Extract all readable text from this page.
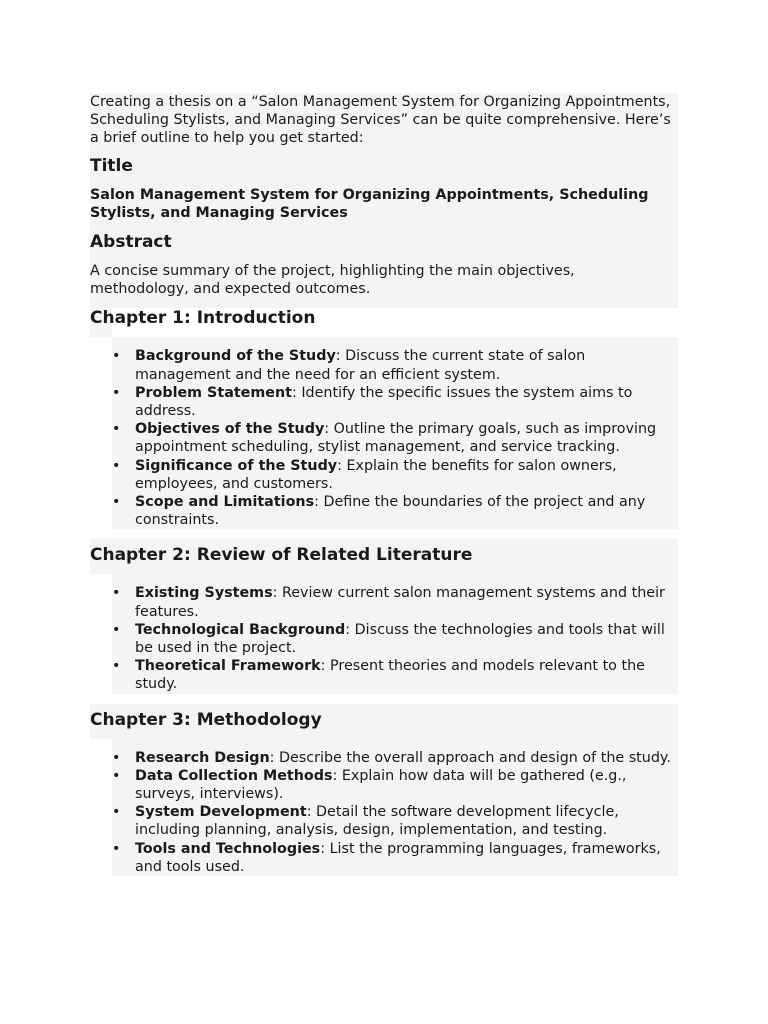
Creating a thesis on a “Salon Management System for Organizing Appointments, Scheduling Stylists, and Managing Services” can be quite comprehensive. Here’s a brief outline to help you get started:

Title

Salon Management System for Organizing Appointments, Scheduling Stylists, and Managing Services

Abstract

A concise summary of the project, highlighting the main objectives, methodology, and expected outcomes.

Chapter 1: Introduction
• Background of the Study: Discuss the current state of salon management and the need for an efficient system.
• Problem Statement: Identify the specific issues the system aims to address.
• Objectives of the Study: Outline the primary goals, such as improving appointment scheduling, stylist management, and service tracking.
• Significance of the Study: Explain the benefits for salon owners, employees, and customers.
• Scope and Limitations: Define the boundaries of the project and any constraints.
Chapter 2: Review of Related Literature
• Existing Systems: Review current salon management systems and their features.
• Technological Background: Discuss the technologies and tools that will be used in the project.
• Theoretical Framework: Present theories and models relevant to the study.
Chapter 3: Methodology
• Research Design: Describe the overall approach and design of the study.
• Data Collection Methods: Explain how data will be gathered (e.g., surveys, interviews).
• System Development: Detail the software development lifecycle, including planning, analysis, design, implementation, and testing.
• Tools and Technologies: List the programming languages, frameworks, and tools used.
